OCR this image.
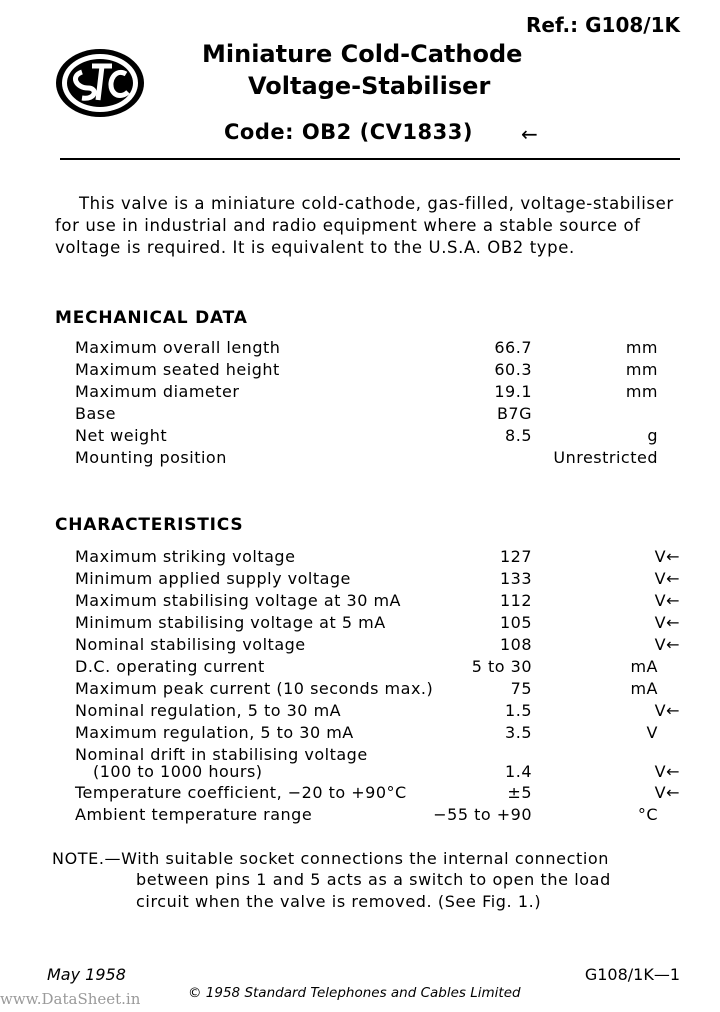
Ref.: G108/1K
Miniature Cold-Cathode
Voltage-Stabiliser
Code: OB2 (CV1833) ←

This valve is a miniature cold-cathode, gas-filled, voltage-stabiliser

for use in industrial and radio equipment where a stable source of

voltage is required. It is equivalent to the U.S.A. OB2 type.

MECHANICAL DATA
Maximum overall length	66.7	mm
Maximum seated height	60.3	mm
Maximum diameter	19.1	mm
Base	B7G
Net weight	8.5	g
Mounting position	Unrestricted
CHARACTERISTICS
Maximum striking voltage	127	V←
Minimum applied supply voltage	133	V←
Maximum stabilising voltage at 30 mA	112	V←
Minimum stabilising voltage at 5 mA	105	V←
Nominal stabilising voltage	108	V←
D.C. operating current	5 to 30	mA
Maximum peak current (10 seconds max.)	75	mA
Nominal regulation, 5 to 30 mA	1.5	V←
Maximum regulation, 5 to 30 mA	3.5	V
Nominal drift in stabilising voltage
(100 to 1000 hours)	1.4	V←
Temperature coefficient, −20 to +90°C	±5	V←
Ambient temperature range	−55 to +90	°C
NOTE.—With suitable socket connections the internal connection
between pins 1 and 5 acts as a switch to open the load
circuit when the valve is removed. (See Fig. 1.)
May 1958	G108/1K—1
© 1958 Standard Telephones and Cables Limited
www.DataSheet.in
